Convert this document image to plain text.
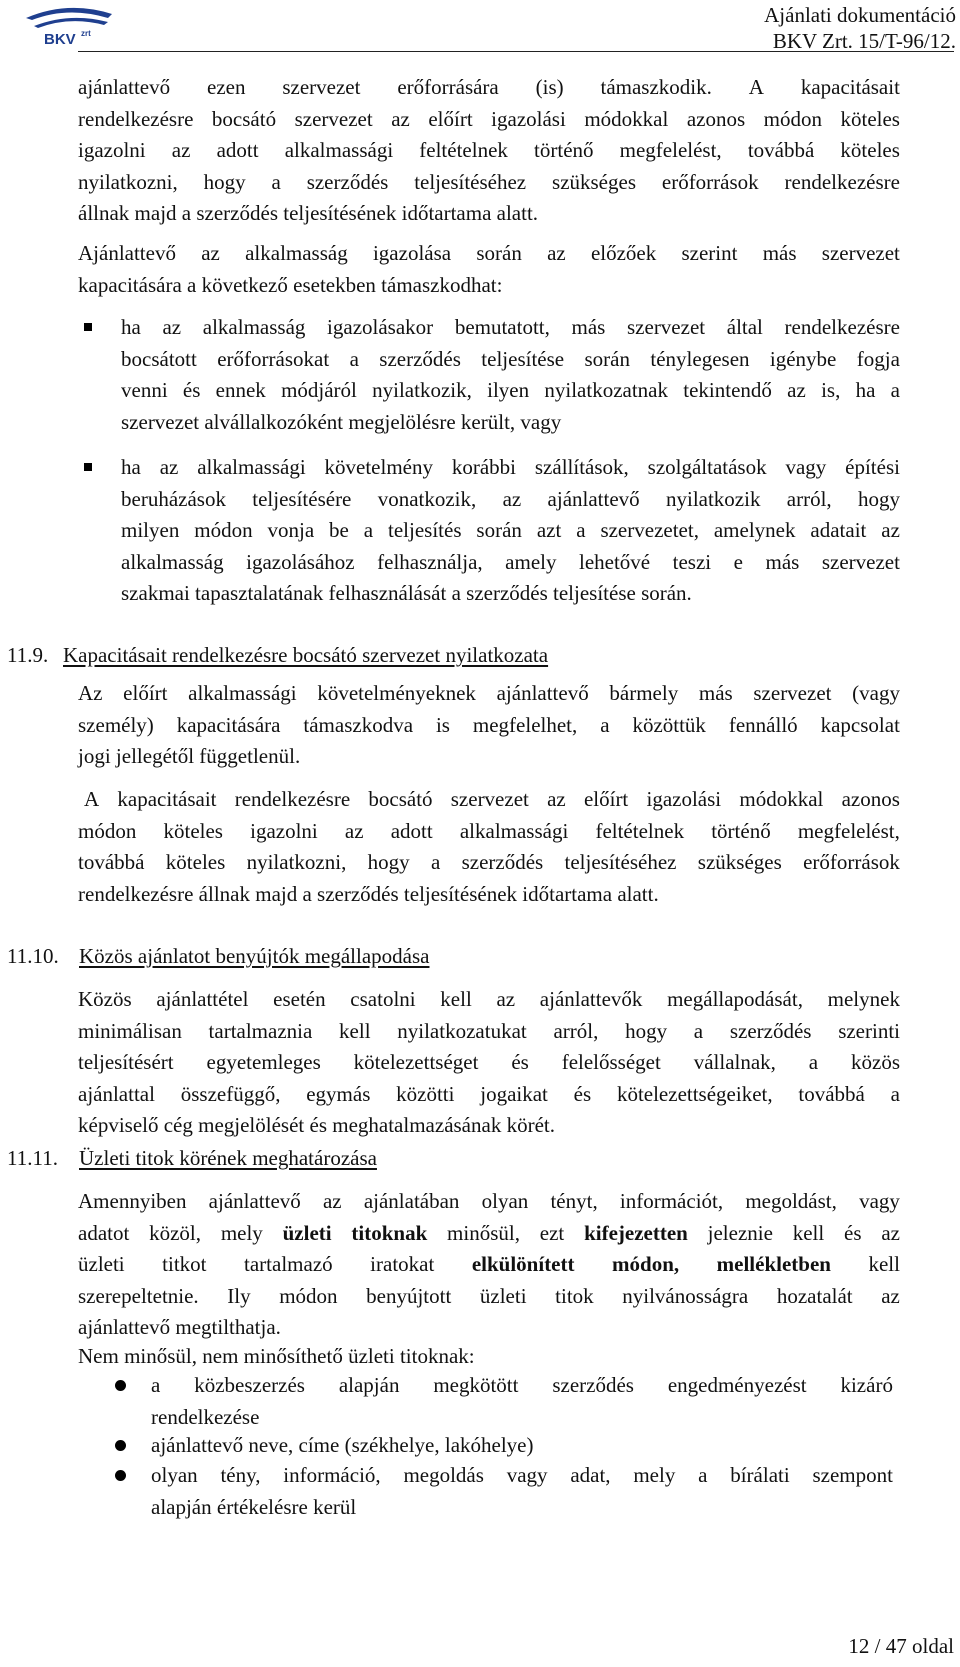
BKV zrt
Ajánlati dokumentáció
BKV Zrt. 15/T-96/12.
ajánlattevő ezen szervezet erőforrására (is) támaszkodik. A kapacitásait
rendelkezésre bocsátó szervezet az előírt igazolási módokkal azonos módon köteles
igazolni az adott alkalmassági feltételnek történő megfelelést, továbbá köteles
nyilatkozni, hogy a szerződés teljesítéséhez szükséges erőforrások rendelkezésre
állnak majd a szerződés teljesítésének időtartama alatt.
Ajánlattevő az alkalmasság igazolása során az előzőek szerint más szervezet
kapacitására a következő esetekben támaszkodhat:
ha az alkalmasság igazolásakor bemutatott, más szervezet által rendelkezésre
bocsátott erőforrásokat a szerződés teljesítése során ténylegesen igénybe fogja
venni és ennek módjáról nyilatkozik, ilyen nyilatkozatnak tekintendő az is, ha a
szervezet alvállalkozóként megjelölésre került, vagy
ha az alkalmassági követelmény korábbi szállítások, szolgáltatások vagy építési
beruházások teljesítésére vonatkozik, az ajánlattevő nyilatkozik arról, hogy
milyen módon vonja be a teljesítés során azt a szervezetet, amelynek adatait az
alkalmasság igazolásához felhasználja, amely lehetővé teszi e más szervezet
szakmai tapasztalatának felhasználását a szerződés teljesítése során.
11.9. Kapacitásait rendelkezésre bocsátó szervezet nyilatkozata
Az előírt alkalmassági követelményeknek ajánlattevő bármely más szervezet (vagy
személy) kapacitására támaszkodva is megfelelhet, a közöttük fennálló kapcsolat
jogi jellegétől függetlenül.
A kapacitásait rendelkezésre bocsátó szervezet az előírt igazolási módokkal azonos
módon köteles igazolni az adott alkalmassági feltételnek történő megfelelést,
továbbá köteles nyilatkozni, hogy a szerződés teljesítéséhez szükséges erőforrások
rendelkezésre állnak majd a szerződés teljesítésének időtartama alatt.
11.10. Közös ajánlatot benyújtók megállapodása
Közös ajánlattétel esetén csatolni kell az ajánlattevők megállapodását, melynek
minimálisan tartalmaznia kell nyilatkozatukat arról, hogy a szerződés szerinti
teljesítésért egyetemleges kötelezettséget és felelősséget vállalnak, a közös
ajánlattal összefüggő, egymás közötti jogaikat és kötelezettségeiket, továbbá a
képviselő cég megjelölését és meghatalmazásának körét.
11.11. Üzleti titok körének meghatározása
Amennyiben ajánlattevő az ajánlatában olyan tényt, információt, megoldást, vagy
adatot közöl, mely üzleti titoknak minősül, ezt kifejezetten jeleznie kell és az
üzleti titkot tartalmazó iratokat elkülönített módon, mellékletben kell
szerepeltetnie. Ily módon benyújtott üzleti titok nyilvánosságra hozatalát az
ajánlattevő megtilthatja.
Nem minősül, nem minősíthető üzleti titoknak:
a közbeszerzés alapján megkötött szerződés engedményezést kizáró
rendelkezése
ajánlattevő neve, címe (székhelye, lakóhelye)
olyan tény, információ, megoldás vagy adat, mely a bírálati szempont
alapján értékelésre kerül
12 / 47 oldal
